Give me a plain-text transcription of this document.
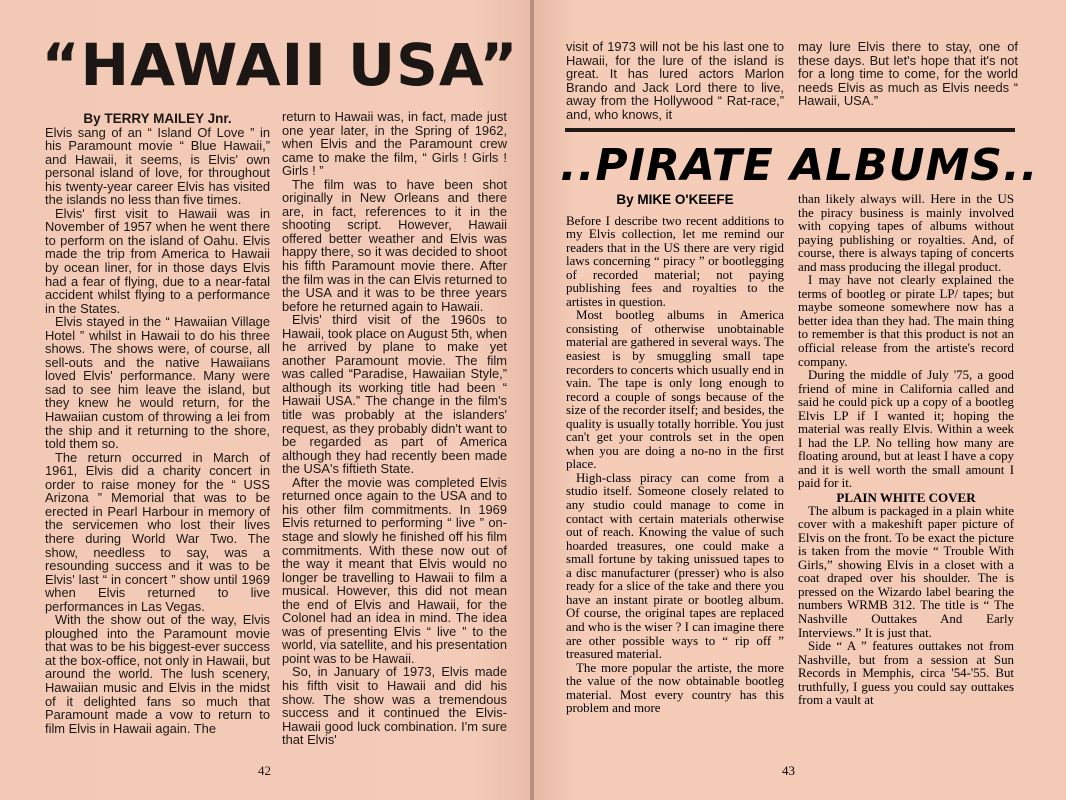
“HAWAII USA”

By TERRY MAILEY Jnr.

Elvis sang of an “ Island Of Love ” in his Paramount movie “ Blue Hawaii,” and Hawaii, it seems, is Elvis' own personal island of love, for throughout his twenty-year career Elvis has visited the islands no less than five times.

Elvis' first visit to Hawaii was in November of 1957 when he went there to perform on the island of Oahu. Elvis made the trip from America to Hawaii by ocean liner, for in those days Elvis had a fear of flying, due to a near-fatal accident whilst flying to a performance in the States.

Elvis stayed in the “ Hawaiian Village Hotel ” whilst in Hawaii to do his three shows. The shows were, of course, all sell-outs and the native Hawaiians loved Elvis' performance. Many were sad to see him leave the island, but they knew he would return, for the Hawaiian custom of throwing a lei from the ship and it returning to the shore, told them so.

The return occurred in March of 1961, Elvis did a charity concert in order to raise money for the “ USS Arizona ” Memorial that was to be erected in Pearl Harbour in memory of the servicemen who lost their lives there during World War Two. The show, needless to say, was a resounding success and it was to be Elvis' last “ in concert ” show until 1969 when Elvis returned to live performances in Las Vegas.

With the show out of the way, Elvis ploughed into the Paramount movie that was to be his biggest-ever success at the box-office, not only in Hawaii, but around the world. The lush scenery, Hawaiian music and Elvis in the midst of it delighted fans so much that Paramount made a vow to return to film Elvis in Hawaii again. The

return to Hawaii was, in fact, made just one year later, in the Spring of 1962, when Elvis and the Paramount crew came to make the film, “ Girls ! Girls ! Girls ! ”

The film was to have been shot originally in New Orleans and there are, in fact, references to it in the shooting script. However, Hawaii offered better weather and Elvis was happy there, so it was decided to shoot his fifth Paramount movie there. After the film was in the can Elvis returned to the USA and it was to be three years before he returned again to Hawaii.

Elvis' third visit of the 1960s to Hawaii, took place on August 5th, when he arrived by plane to make yet another Paramount movie. The film was called “Paradise, Hawaiian Style,” although its working title had been “ Hawaii USA.” The change in the film's title was probably at the islanders' request, as they probably didn't want to be regarded as part of America although they had recently been made the USA's fiftieth State.

After the movie was completed Elvis returned once again to the USA and to his other film commitments. In 1969 Elvis returned to performing “ live ” on-stage and slowly he finished off his film commitments. With these now out of the way it meant that Elvis would no longer be travelling to Hawaii to film a musical. However, this did not mean the end of Elvis and Hawaii, for the Colonel had an idea in mind. The idea was of presenting Elvis “ live ” to the world, via satellite, and his presentation point was to be Hawaii.

So, in January of 1973, Elvis made his fifth visit to Hawaii and did his show. The show was a tremendous success and it continued the Elvis-Hawaii good luck combination. I'm sure that Elvis'

42

visit of 1973 will not be his last one to Hawaii, for the lure of the island is great. It has lured actors Marlon Brando and Jack Lord there to live, away from the Hollywood “ Rat-race,” and, who knows, it

may lure Elvis there to stay, one of these days. But let's hope that it's not for a long time to come, for the world needs Elvis as much as Elvis needs “ Hawaii, USA.”

..PIRATE ALBUMS..

By MIKE O'KEEFE

Before I describe two recent additions to my Elvis collection, let me remind our readers that in the US there are very rigid laws concerning “ piracy ” or bootlegging of recorded material; not paying publishing fees and royalties to the artistes in question.

Most bootleg albums in America consisting of otherwise unobtainable material are gathered in several ways. The easiest is by smuggling small tape recorders to concerts which usually end in vain. The tape is only long enough to record a couple of songs because of the size of the recorder itself; and besides, the quality is usually totally horrible. You just can't get your controls set in the open when you are doing a no-no in the first place.

High-class piracy can come from a studio itself. Someone closely related to any studio could manage to come in contact with certain materials otherwise out of reach. Knowing the value of such hoarded treasures, one could make a small fortune by taking unissued tapes to a disc manufacturer (presser) who is also ready for a slice of the take and there you have an instant pirate or bootleg album. Of course, the original tapes are replaced and who is the wiser ? I can imagine there are other possible ways to “ rip off ” treasured material.

The more popular the artiste, the more the value of the now obtainable bootleg material. Most every country has this problem and more

than likely always will. Here in the US the piracy business is mainly involved with copying tapes of albums without paying publishing or royalties. And, of course, there is always taping of concerts and mass producing the illegal product.

I may have not clearly explained the terms of bootleg or pirate LP/ tapes; but maybe someone somewhere now has a better idea than they had. The main thing to remember is that this product is not an official release from the artiste's record company.

During the middle of July '75, a good friend of mine in California called and said he could pick up a copy of a bootleg Elvis LP if I wanted it; hoping the material was really Elvis. Within a week I had the LP. No telling how many are floating around, but at least I have a copy and it is well worth the small amount I paid for it.

PLAIN WHITE COVER

The album is packaged in a plain white cover with a makeshift paper picture of Elvis on the front. To be exact the picture is taken from the movie “ Trouble With Girls,” showing Elvis in a closet with a coat draped over his shoulder. The is pressed on the Wizardo label bearing the numbers WRMB 312. The title is “ The Nashville Outtakes And Early Interviews.” It is just that.

Side “ A ” features outtakes not from Nashville, but from a session at Sun Records in Memphis, circa '54-'55. But truthfully, I guess you could say outtakes from a vault at

43
